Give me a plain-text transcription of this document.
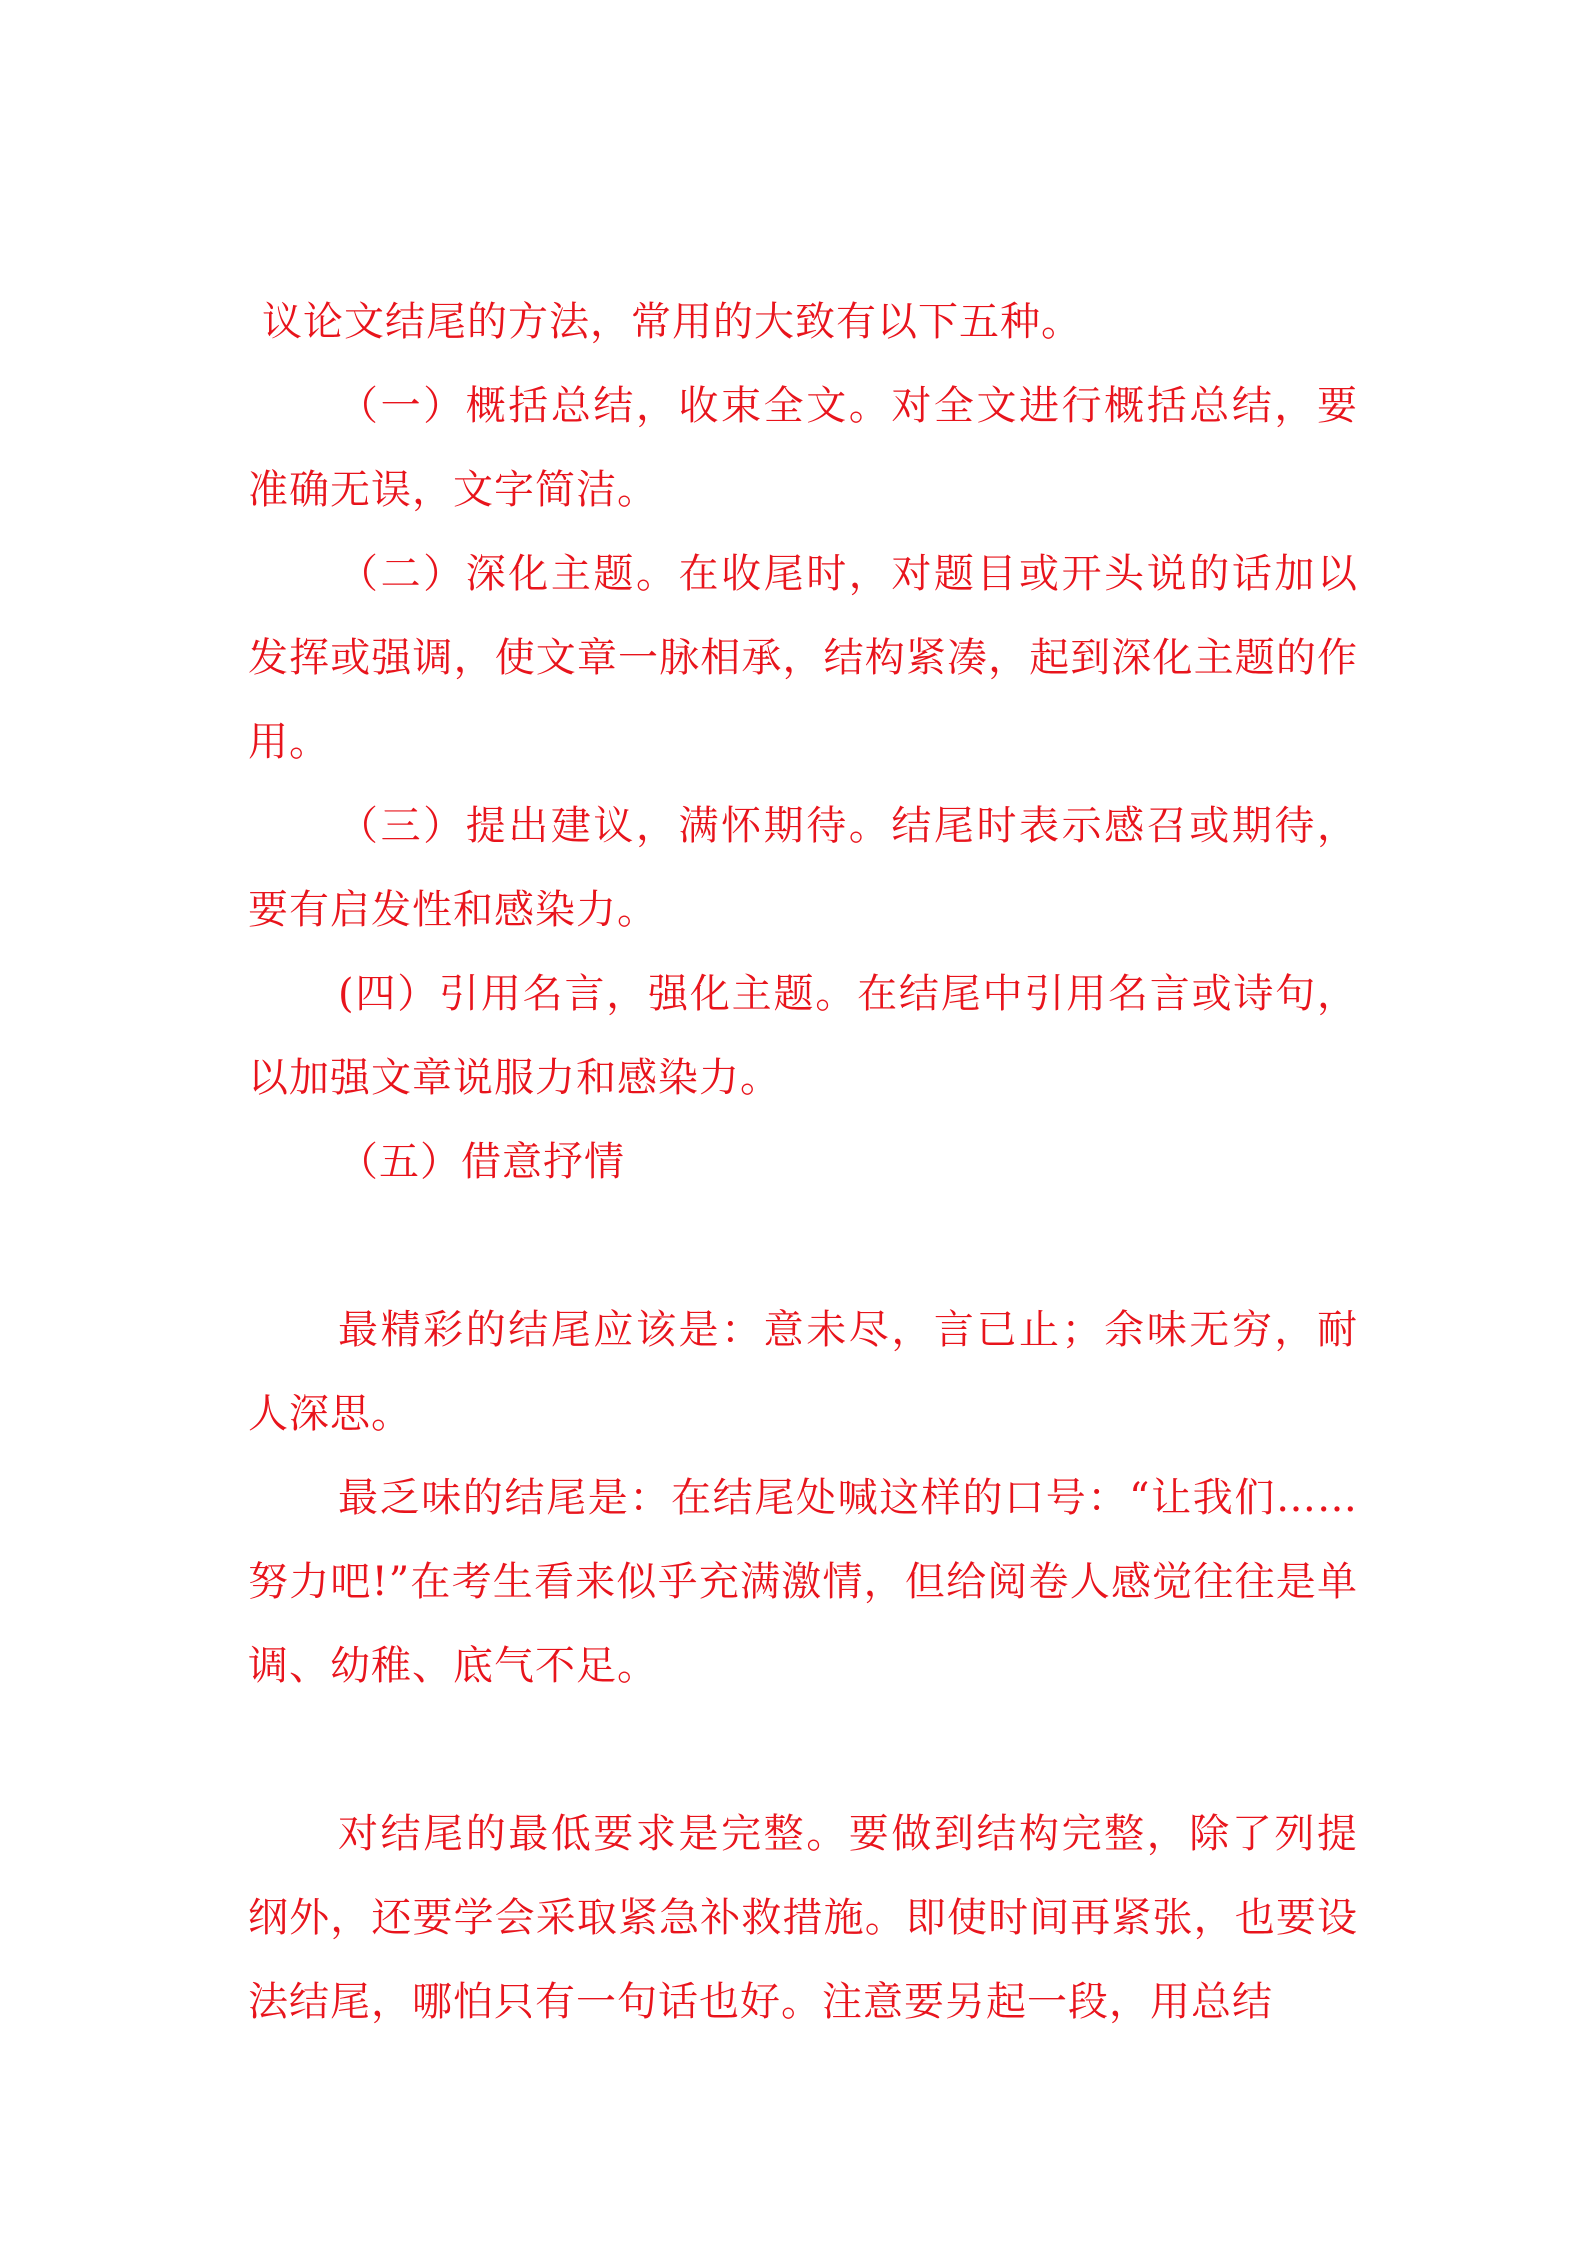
议论文结尾的方法，常用的大致有以下五种。

（一）概括总结，收束全文。对全文进行概括总结，要准确无误，文字简洁。

（二）深化主题。在收尾时，对题目或开头说的话加以发挥或强调，使文章一脉相承，结构紧凑，起到深化主题的作用。

（三）提出建议，满怀期待。结尾时表示感召或期待，要有启发性和感染力。

(四）引用名言，强化主题。在结尾中引用名言或诗句，以加强文章说服力和感染力。

（五）借意抒情

最精彩的结尾应该是：意未尽，言已止；余味无穷，耐人深思。

最乏味的结尾是：在结尾处喊这样的口号：“让我们……努力吧!”在考生看来似乎充满激情，但给阅卷人感觉往往是单调、幼稚、底气不足。

对结尾的最低要求是完整。要做到结构完整，除了列提纲外，还要学会采取紧急补救措施。即使时间再紧张，也要设法结尾，哪怕只有一句话也好。注意要另起一段，用总结
